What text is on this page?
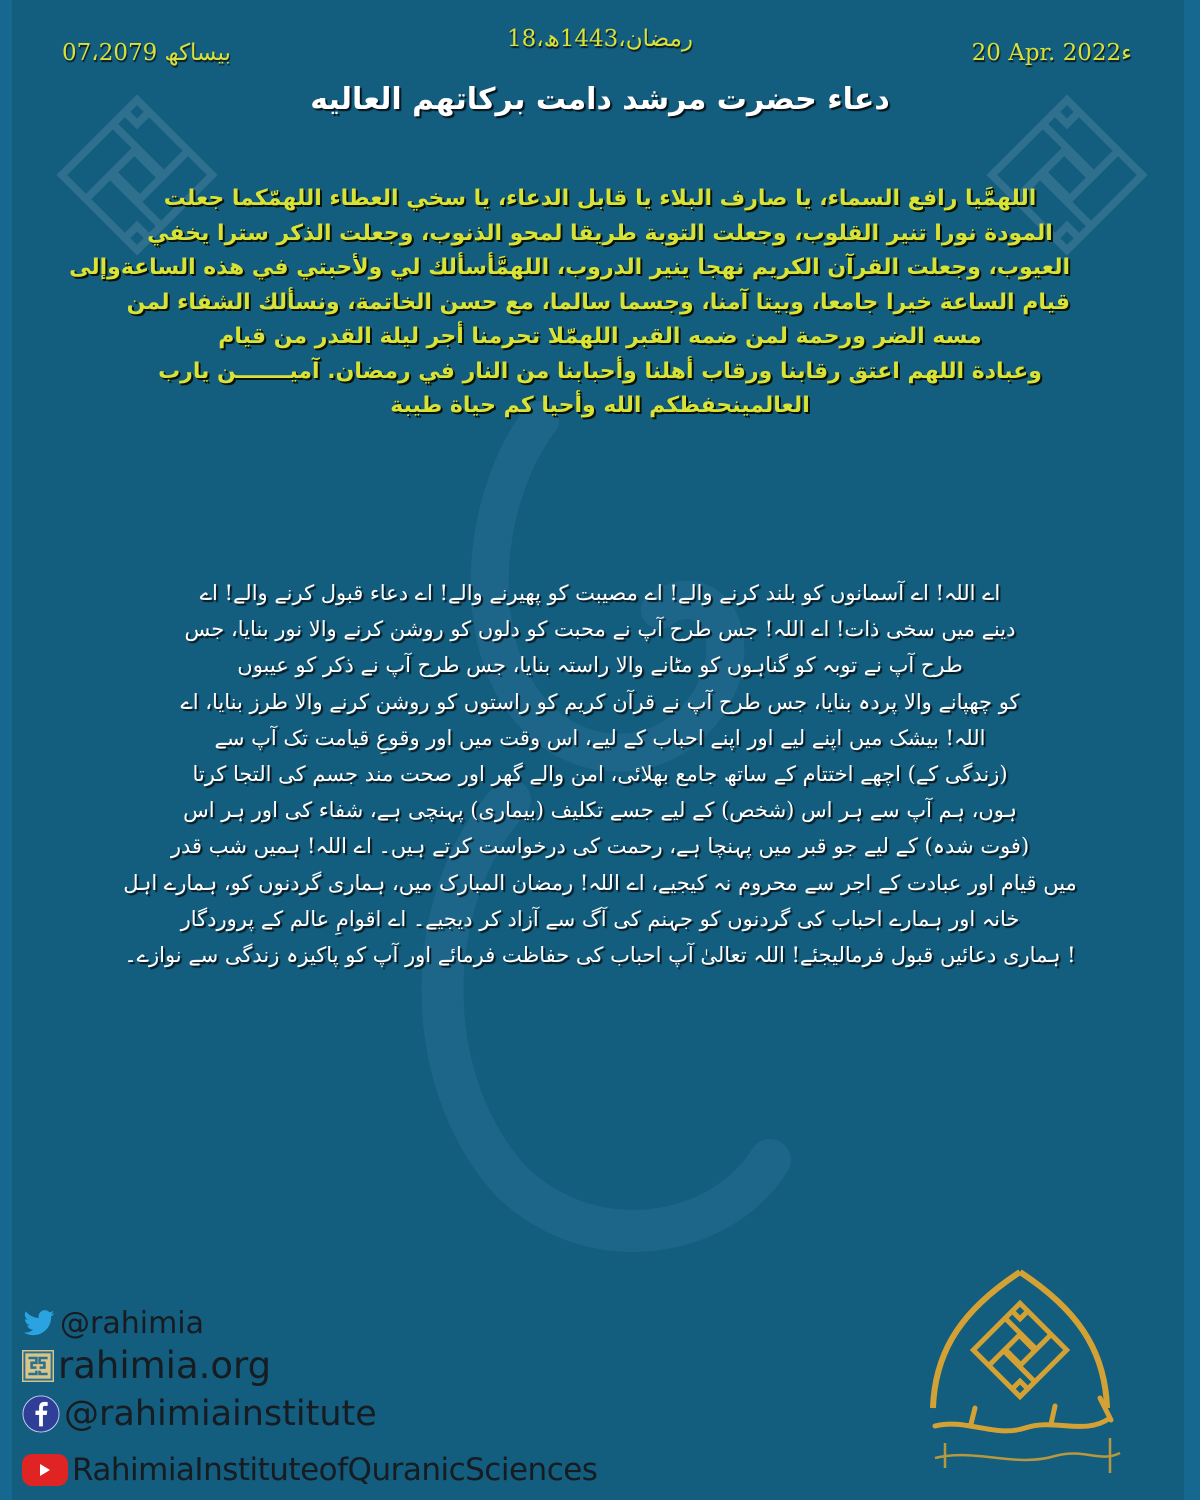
07،بیساکھ 2079
18،رمضان،1443ھ
20 Apr. 2022ء
دعاء حضرت مرشد دامت برکاتهم العالیه
اللهمَّيا رافع السماء، يا صارف البلاء يا قابل الدعاء، يا سخي العطاء اللهمّكما جعلت
المودة نورا تنير القلوب، وجعلت التوبة طريقا لمحو الذنوب، وجعلت الذكر سترا يخفي
العيوب، وجعلت القرآن الكريم نهجا ينير الدروب، اللهمَّأسألك لي ولأحبتي في هذه الساعةوإلى
قيام الساعة خيرا جامعا، وبيتا آمنا، وجسما سالما، مع حسن الخاتمة، ونسألك الشفاء لمن
مسه الضر ورحمة لمن ضمه القبر اللهمّلا تحرمنا أجر ليلة القدر من قيام
وعبادة اللهم اعتق رقابنا ورقاب أهلنا وأحبابنا من النار في رمضان. آميـــــــن يارب
العالمينحفظكم الله وأحيا كم حياة طيبة
اے اللہ! اے آسمانوں کو بلند کرنے والے! اے مصیبت کو پھیرنے والے! اے دعاء قبول کرنے والے! اے
دینے میں سخی ذات! اے اللہ! جس طرح آپ نے محبت کو دلوں کو روشن کرنے والا نور بنایا، جس
طرح آپ نے توبہ کو گناہوں کو مٹانے والا راستہ بنایا، جس طرح آپ نے ذکر کو عیبوں
کو چھپانے والا پردہ بنایا، جس طرح آپ نے قرآن کریم کو راستوں کو روشن کرنے والا طرز بنایا، اے
اللہ! بیشک میں اپنے لیے اور اپنے احباب کے لیے، اس وقت میں اور وقوعِ قیامت تک آپ سے
(زندگی کے) اچھے اختتام کے ساتھ جامع بھلائی، امن والے گھر اور صحت مند جسم کی التجا کرتا
ہوں، ہم آپ سے ہر اس (شخص) کے لیے جسے تکلیف (بیماری) پہنچی ہے، شفاء کی اور ہر اس
(فوت شدہ) کے لیے جو قبر میں پہنچا ہے، رحمت کی درخواست کرتے ہیں۔ اے اللہ! ہمیں شب قدر
میں قیام اور عبادت کے اجر سے محروم نہ کیجیے، اے اللہ! رمضان المبارک میں، ہماری گردنوں کو، ہمارے اہل
خانہ اور ہمارے احباب کی گردنوں کو جہنم کی آگ سے آزاد کر دیجیے۔ اے اقوامِ عالم کے پروردگار
! ہماری دعائیں قبول فرمالیجئے! اللہ تعالیٰ آپ احباب کی حفاظت فرمائے اور آپ کو پاکیزہ زندگی سے نوازے۔
@rahimia
rahimia.org
@rahimiainstitute
RahimiaInstituteofQuranicSciences
